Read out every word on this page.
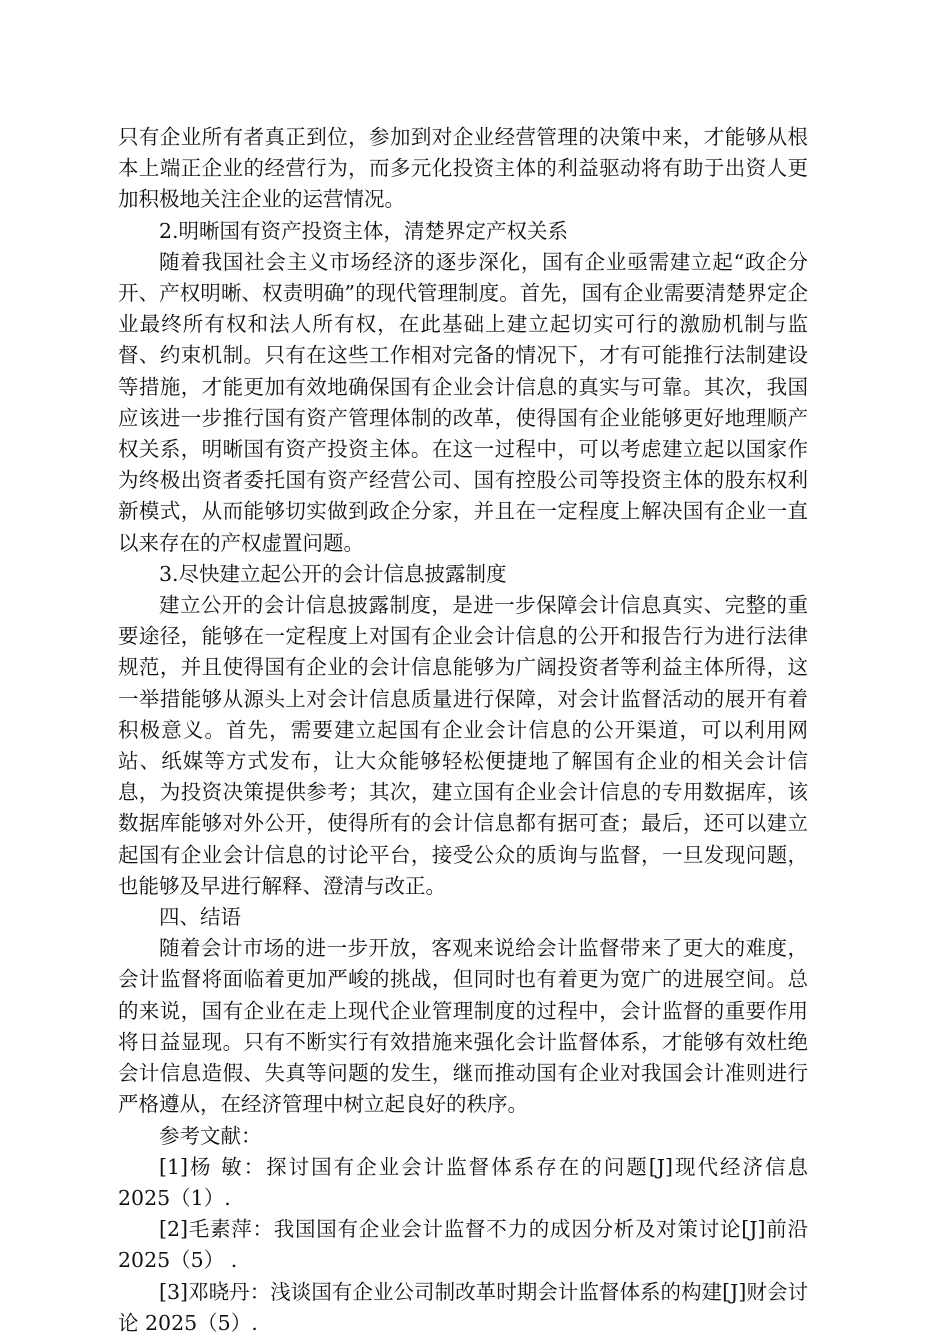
只有企业所有者真正到位，参加到对企业经营管理的决策中来，才能够从根本上端正企业的经营行为，而多元化投资主体的利益驱动将有助于出资人更加积极地关注企业的运营情况。

2.明晰国有资产投资主体，清楚界定产权关系

随着我国社会主义市场经济的逐步深化，国有企业亟需建立起“政企分开、产权明晰、权责明确”的现代管理制度。首先，国有企业需要清楚界定企业最终所有权和法人所有权，在此基础上建立起切实可行的激励机制与监督、约束机制。只有在这些工作相对完备的情况下，才有可能推行法制建设等措施，才能更加有效地确保国有企业会计信息的真实与可靠。其次，我国应该进一步推行国有资产管理体制的改革，使得国有企业能够更好地理顺产权关系，明晰国有资产投资主体。在这一过程中，可以考虑建立起以国家作为终极出资者委托国有资产经营公司、国有控股公司等投资主体的股东权利新模式，从而能够切实做到政企分家，并且在一定程度上解决国有企业一直以来存在的产权虚置问题。

3.尽快建立起公开的会计信息披露制度

建立公开的会计信息披露制度，是进一步保障会计信息真实、完整的重要途径，能够在一定程度上对国有企业会计信息的公开和报告行为进行法律规范，并且使得国有企业的会计信息能够为广阔投资者等利益主体所得，这一举措能够从源头上对会计信息质量进行保障，对会计监督活动的展开有着积极意义。首先，需要建立起国有企业会计信息的公开渠道，可以利用网站、纸媒等方式发布，让大众能够轻松便捷地了解国有企业的相关会计信息，为投资决策提供参考；其次，建立国有企业会计信息的专用数据库，该数据库能够对外公开，使得所有的会计信息都有据可查；最后，还可以建立起国有企业会计信息的讨论平台，接受公众的质询与监督，一旦发现问题，也能够及早进行解释、澄清与改正。

四、结语

随着会计市场的进一步开放，客观来说给会计监督带来了更大的难度，会计监督将面临着更加严峻的挑战，但同时也有着更为宽广的进展空间。总的来说，国有企业在走上现代企业管理制度的过程中，会计监督的重要作用将日益显现。只有不断实行有效措施来强化会计监督体系，才能够有效杜绝会计信息造假、失真等问题的发生，继而推动国有企业对我国会计准则进行严格遵从，在经济管理中树立起良好的秩序。

参考文献：

[1]杨 敏：探讨国有企业会计监督体系存在的问题[J]现代经济信息 2025（1）.

[2]毛素萍：我国国有企业会计监督不力的成因分析及对策讨论[J]前沿 2025（5） .

[3]邓晓丹：浅谈国有企业公司制改革时期会计监督体系的构建[J]财会讨论 2025（5）.
